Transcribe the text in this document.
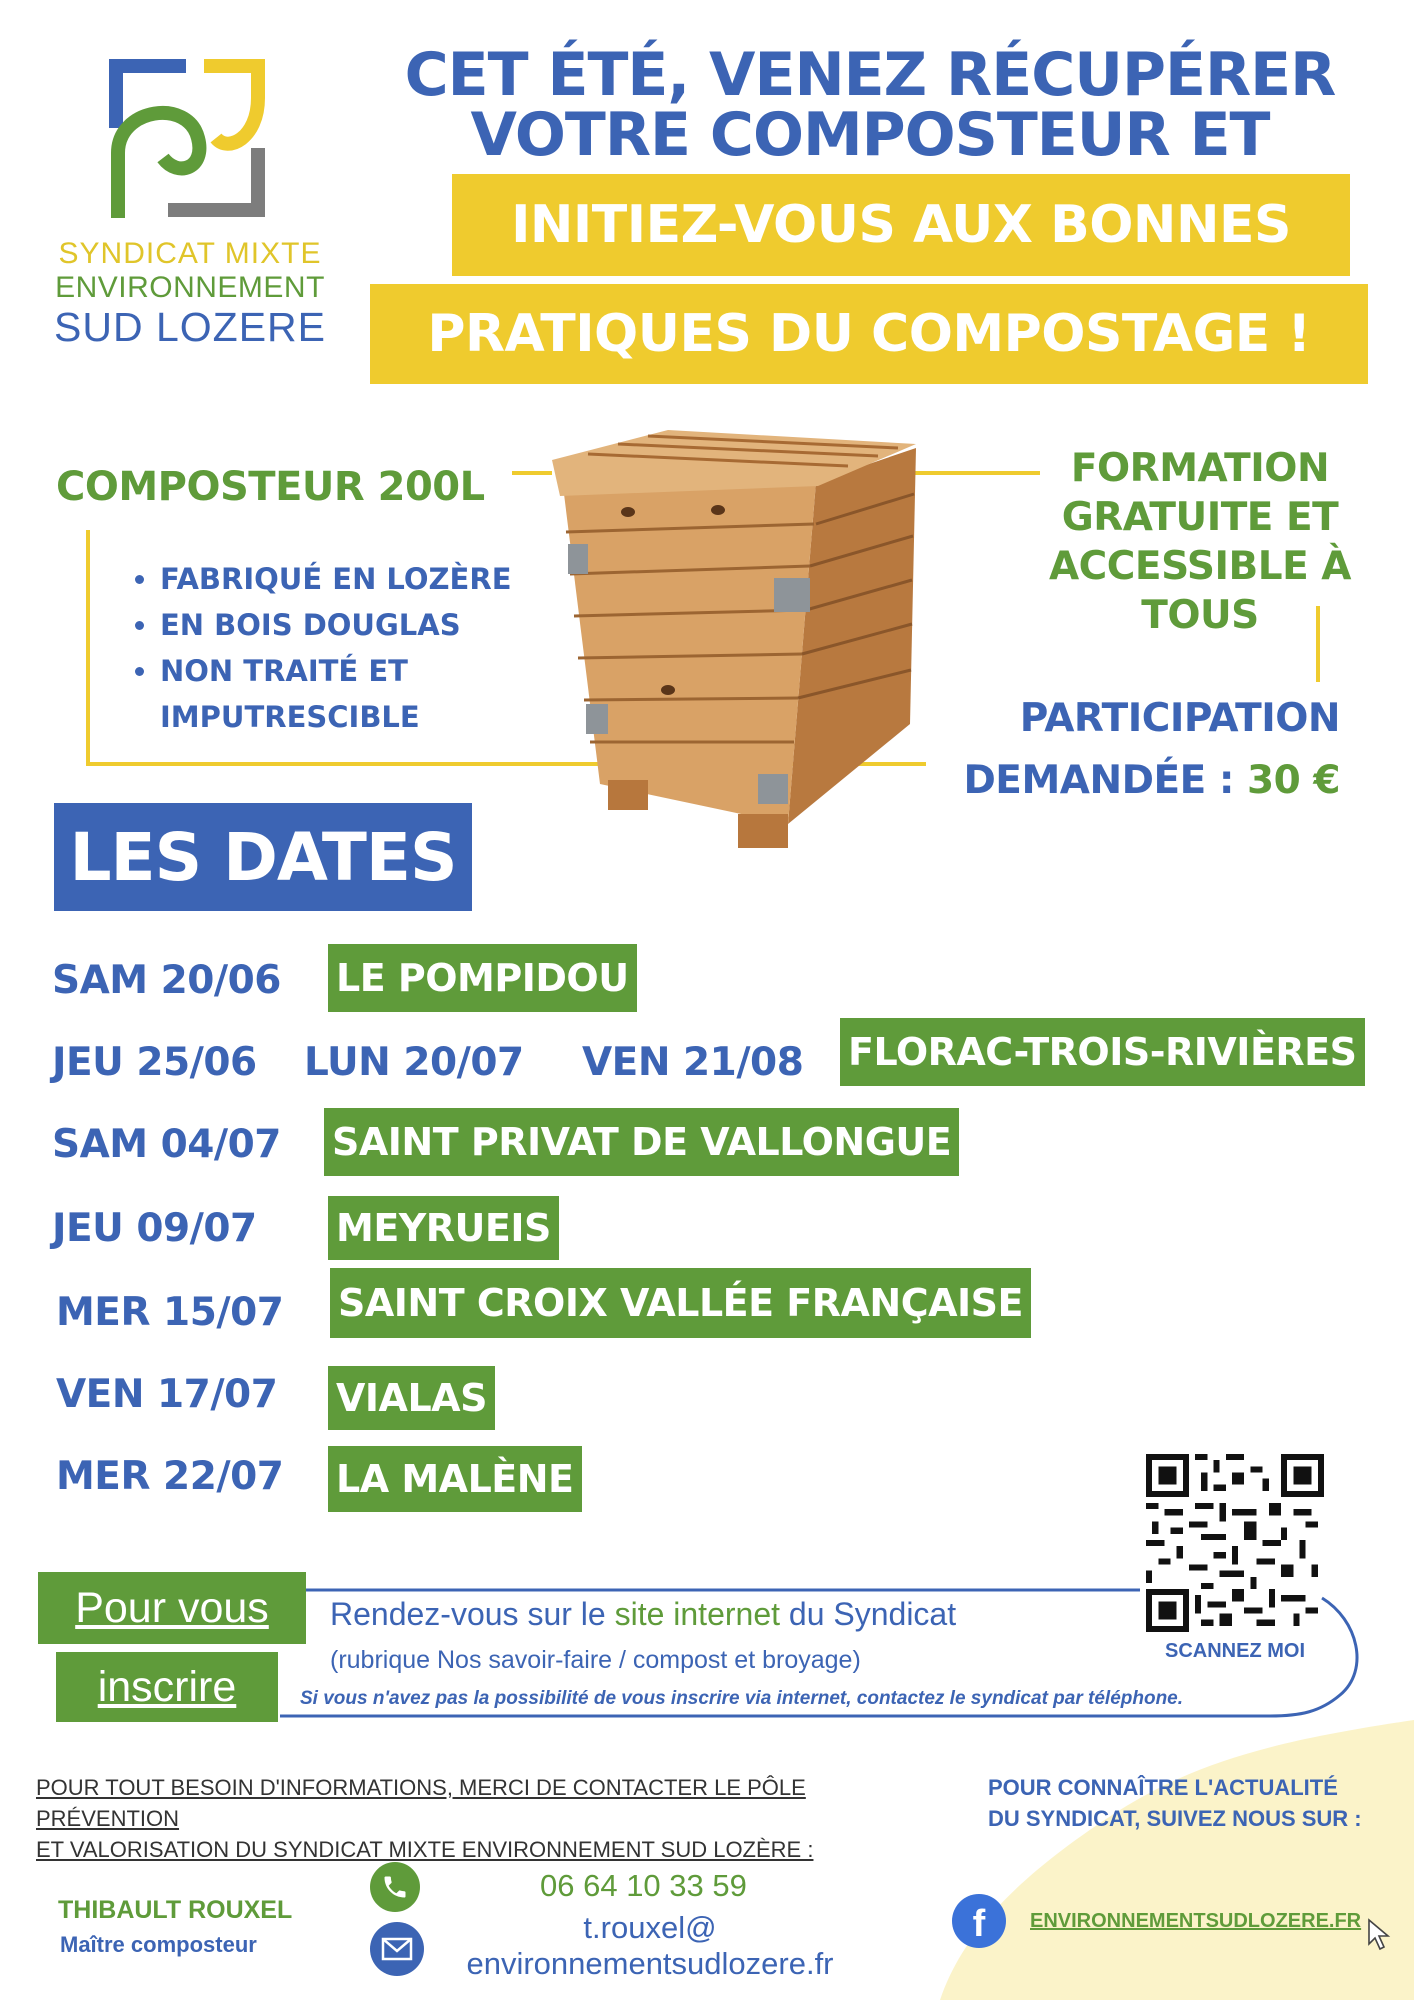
SYNDICAT MIXTE
ENVIRONNEMENT
SUD LOZERE
CET ÉTÉ, VENEZ RÉCUPÉRER
VOTRE COMPOSTEUR ET
INITIEZ-VOUS AUX BONNES
PRATIQUES DU COMPOSTAGE !
COMPOSTEUR 200L
• FABRIQUÉ EN LOZÈRE
• EN BOIS DOUGLAS
• NON TRAITÉ ET IMPUTRESCIBLE
FORMATION
GRATUITE ET
ACCESSIBLE À
TOUS
PARTICIPATION
DEMANDÉE : 30 €
LES DATES
SAM 20/06 LE POMPIDOU
JEU 25/06 LUN 20/07 VEN 21/08 FLORAC-TROIS-RIVIÈRES
SAM 04/07 SAINT PRIVAT DE VALLONGUE
JEU 09/07 MEYRUEIS
MER 15/07 SAINT CROIX VALLÉE FRANÇAISE
VEN 17/07 VIALAS
MER 22/07 LA MALÈNE
SCANNEZ MOI
Pour vous
inscrire
Rendez-vous sur le site internet du Syndicat
(rubrique Nos savoir-faire / compost et broyage)
Si vous n'avez pas la possibilité de vous inscrire via internet, contactez le syndicat par téléphone.
POUR TOUT BESOIN D'INFORMATIONS, MERCI DE CONTACTER LE PÔLE PRÉVENTION
ET VALORISATION DU SYNDICAT MIXTE ENVIRONNEMENT SUD LOZÈRE :
POUR CONNAÎTRE L'ACTUALITÉ
DU SYNDICAT, SUIVEZ NOUS SUR :
THIBAULT ROUXEL
Maître composteur
06 64 10 33 59
t.rouxel@
environnementsudlozere.fr
f ENVIRONNEMENTSUDLOZERE.FR
